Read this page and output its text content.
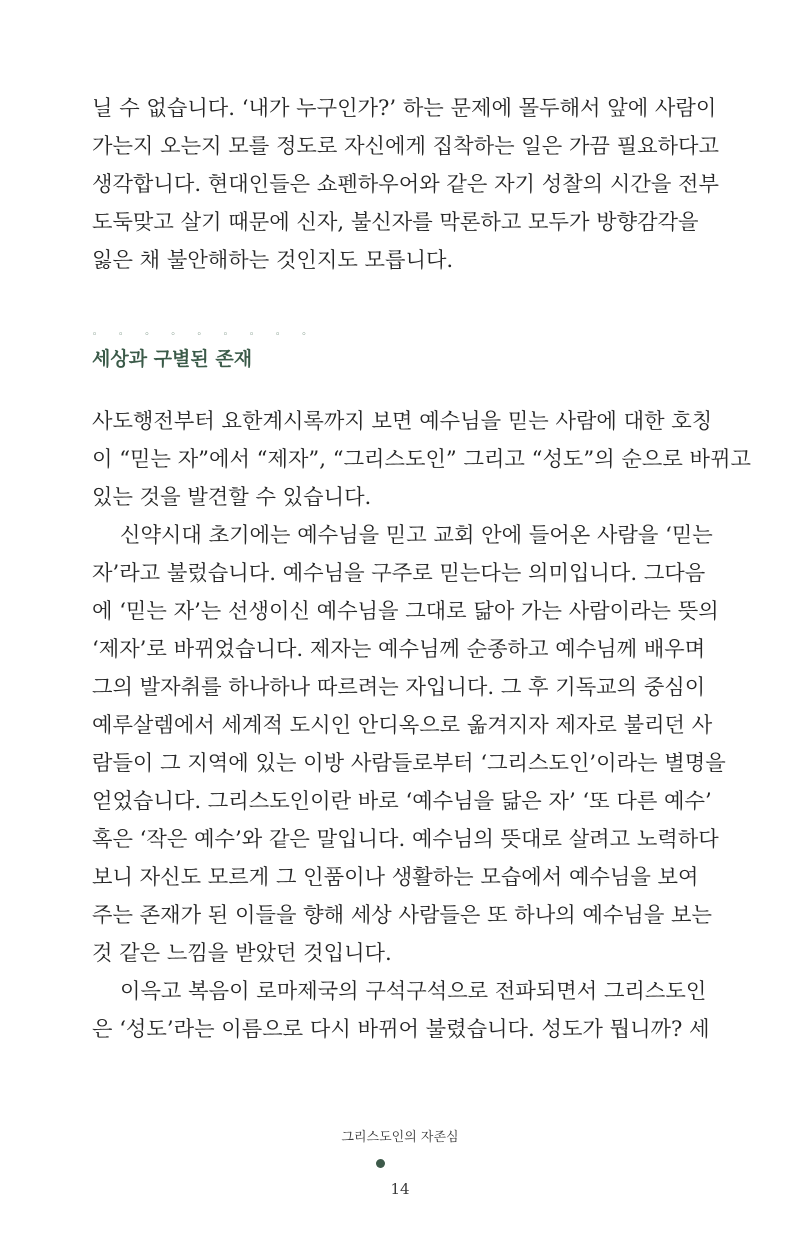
닐 수 없습니다. ‘내가 누구인가?’ 하는 문제에 몰두해서 앞에 사람이
가는지 오는지 모를 정도로 자신에게 집착하는 일은 가끔 필요하다고
생각합니다. 현대인들은 쇼펜하우어와 같은 자기 성찰의 시간을 전부
도둑맞고 살기 때문에 신자, 불신자를 막론하고 모두가 방향감각을
잃은 채 불안해하는 것인지도 모릅니다.
◦ ◦ ◦ ◦ ◦ ◦ ◦ ◦ ◦
세상과 구별된 존재
사도행전부터 요한계시록까지 보면 예수님을 믿는 사람에 대한 호칭
이 “믿는 자”에서 “제자”, “그리스도인” 그리고 “성도”의 순으로 바뀌고
있는 것을 발견할 수 있습니다.
신약시대 초기에는 예수님을 믿고 교회 안에 들어온 사람을 ‘믿는
자’라고 불렀습니다. 예수님을 구주로 믿는다는 의미입니다. 그다음
에 ‘믿는 자’는 선생이신 예수님을 그대로 닮아 가는 사람이라는 뜻의
‘제자’로 바뀌었습니다. 제자는 예수님께 순종하고 예수님께 배우며
그의 발자취를 하나하나 따르려는 자입니다. 그 후 기독교의 중심이
예루살렘에서 세계적 도시인 안디옥으로 옮겨지자 제자로 불리던 사
람들이 그 지역에 있는 이방 사람들로부터 ‘그리스도인’이라는 별명을
얻었습니다. 그리스도인이란 바로 ‘예수님을 닮은 자’ ‘또 다른 예수’
혹은 ‘작은 예수’와 같은 말입니다. 예수님의 뜻대로 살려고 노력하다
보니 자신도 모르게 그 인품이나 생활하는 모습에서 예수님을 보여
주는 존재가 된 이들을 향해 세상 사람들은 또 하나의 예수님을 보는
것 같은 느낌을 받았던 것입니다.
이윽고 복음이 로마제국의 구석구석으로 전파되면서 그리스도인
은 ‘성도’라는 이름으로 다시 바뀌어 불렸습니다. 성도가 뭡니까? 세
그리스도인의 자존심
14
